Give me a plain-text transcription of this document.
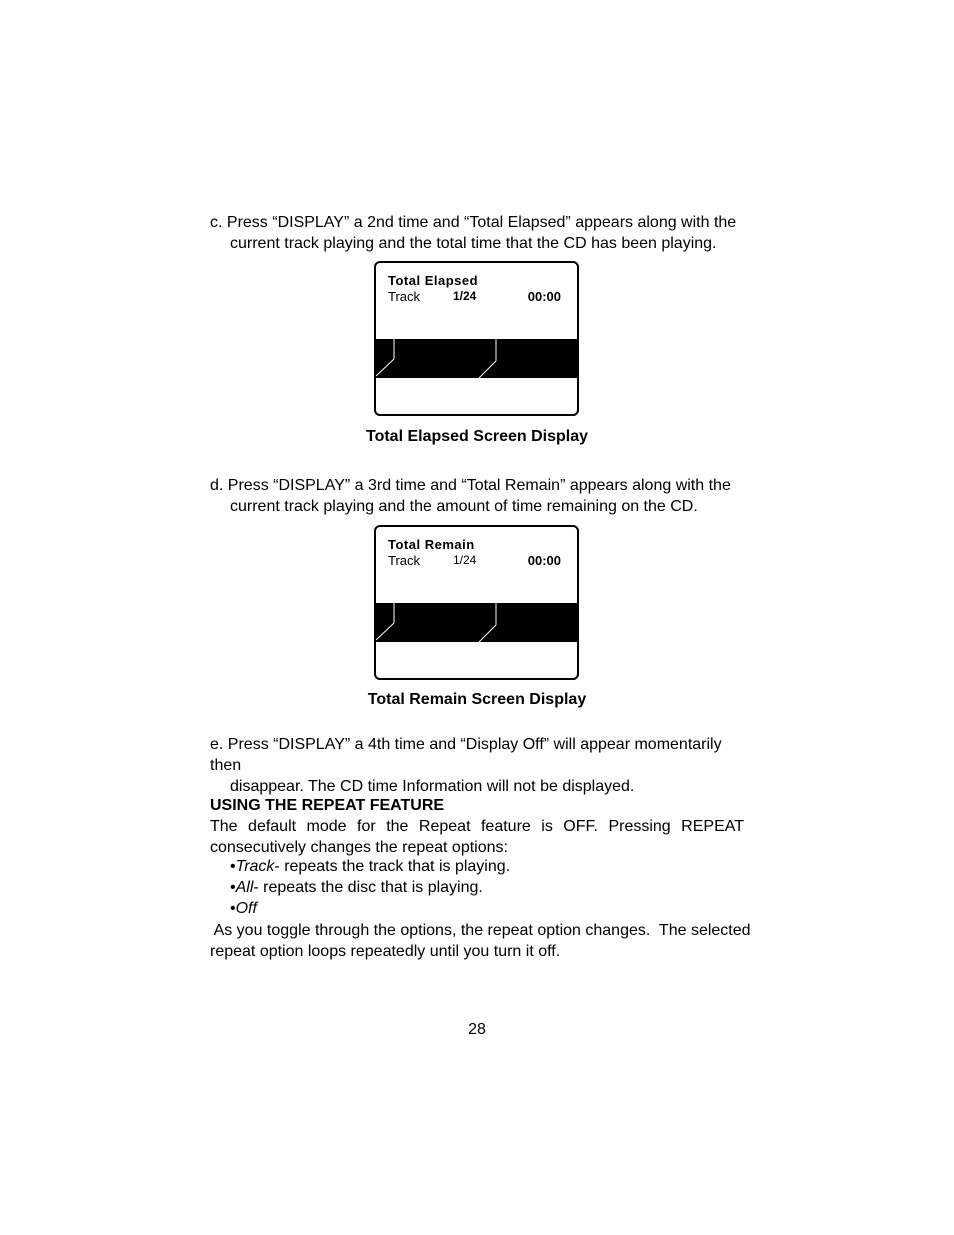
c. Press “DISPLAY” a 2nd time and “Total Elapsed” appears along with the
current track playing and the total time that the CD has been playing.
Total Elapsed
Track	1/24	00:00
Total Elapsed Screen Display
d. Press “DISPLAY” a 3rd time and “Total Remain” appears along with the
current track playing and the amount of time remaining on the CD.
Total Remain
Track	1/24	00:00
Total Remain Screen Display
e. Press “DISPLAY” a 4th time and “Display Off” will appear momentarily then
disappear. The CD time Information will not be displayed.
USING THE REPEAT FEATURE
The default mode for the Repeat feature is OFF. Pressing REPEAT
consecutively changes the repeat options:
•Track- repeats the track that is playing.
•All- repeats the disc that is playing.
•Off
As you toggle through the options, the repeat option changes.  The selected
repeat option loops repeatedly until you turn it off.
28
